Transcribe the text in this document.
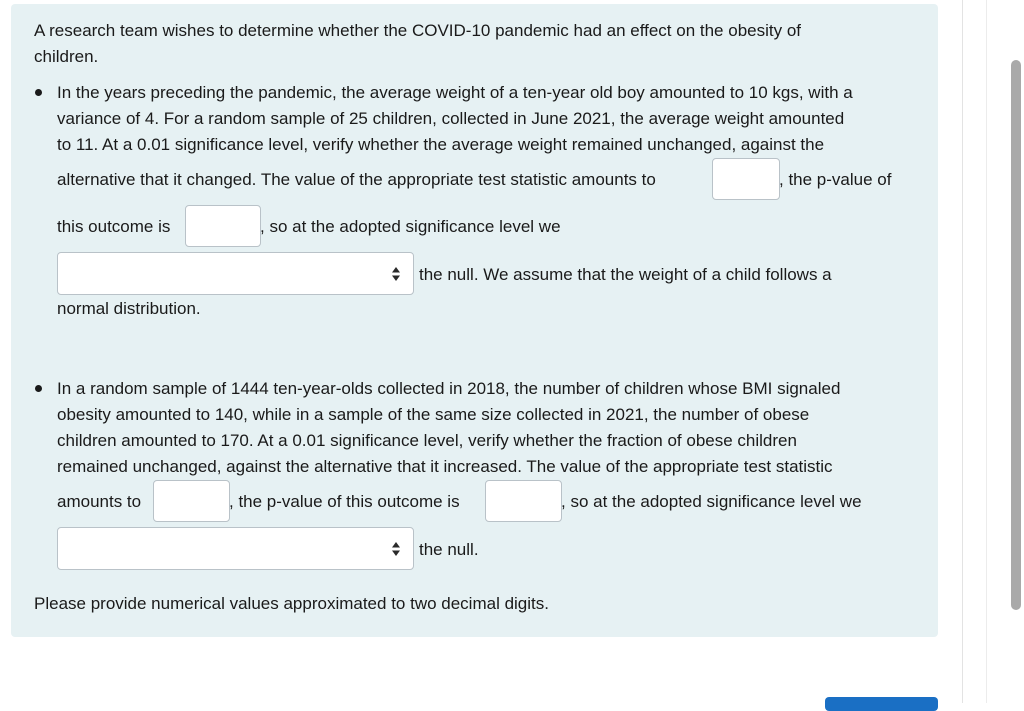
A research team wishes to determine whether the COVID-10 pandemic had an effect on the obesity of
children.
In the years preceding the pandemic, the average weight of a ten-year old boy amounted to 10 kgs, with a
variance of 4. For a random sample of 25 children, collected in June 2021, the average weight amounted
to 11. At a 0.01 significance level, verify whether the average weight remained unchanged, against the
alternative that it changed. The value of the appropriate test statistic amounts to	, the p-value of
this outcome is	, so at the adopted significance level we
the null. We assume that the weight of a child follows a
normal distribution.
In a random sample of 1444 ten-year-olds collected in 2018, the number of children whose BMI signaled
obesity amounted to 140, while in a sample of the same size collected in 2021, the number of obese
children amounted to 170. At a 0.01 significance level, verify whether the fraction of obese children
remained unchanged, against the alternative that it increased. The value of the appropriate test statistic
amounts to	, the p-value of this outcome is	, so at the adopted significance level we
the null.
Please provide numerical values approximated to two decimal digits.
